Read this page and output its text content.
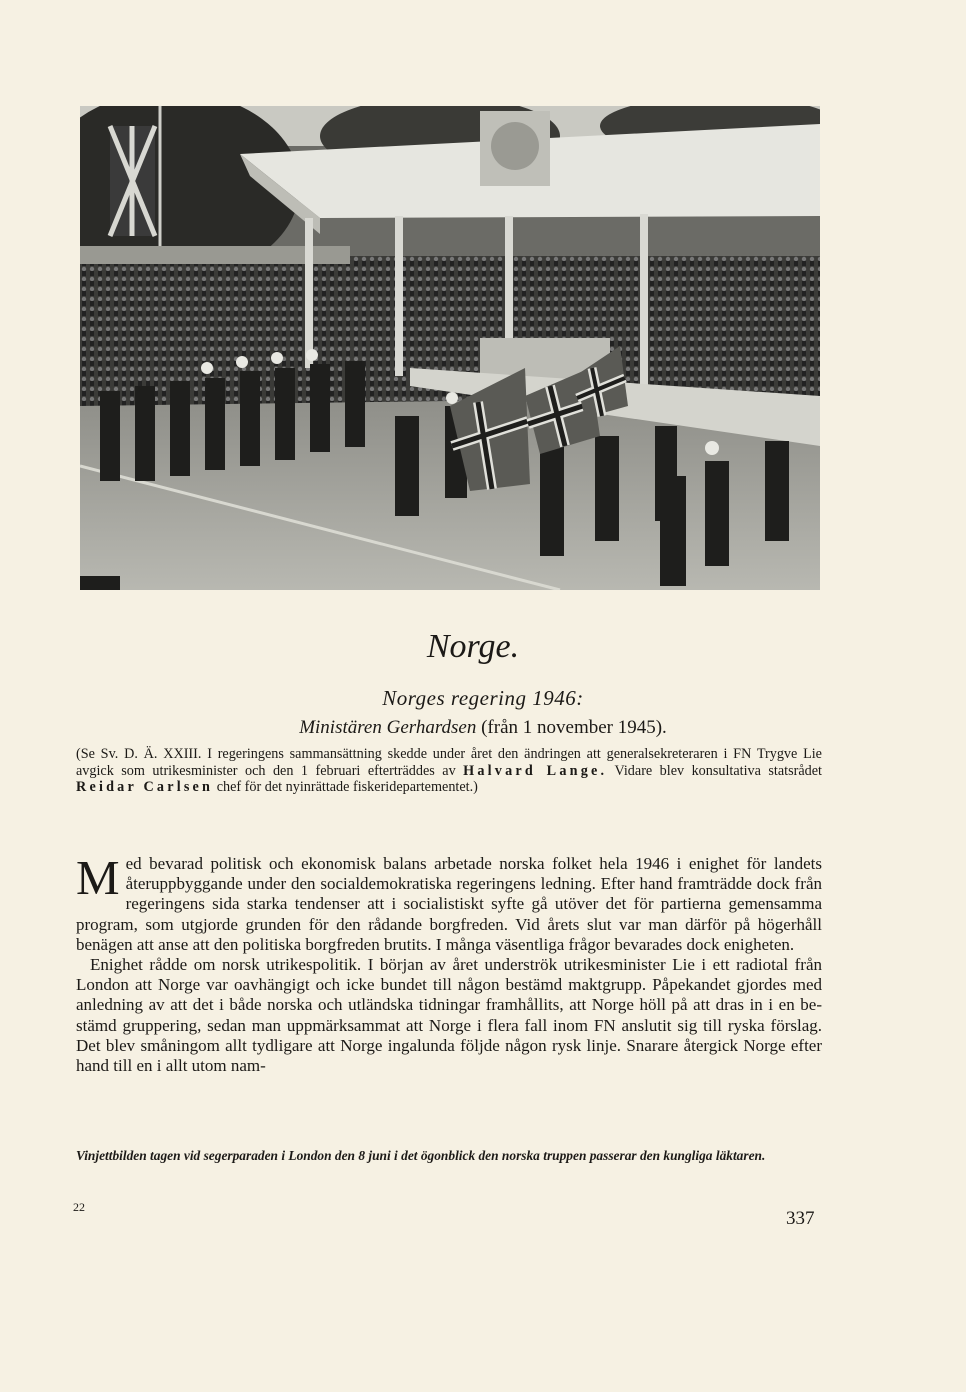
Norge.
Norges regering 1946:
Ministären Gerhardsen (från 1 november 1945).
(Se Sv. D. Ä. XXIII. I regeringens sammansättning skedde under året den ändringen att generalsekreteraren i FN Trygve Lie avgick som utrikesminister och den 1 februari efterträddes av Halvard Lange. Vidare blev konsultativa statsrådet Reidar Carlsen chef för det nyinrättade fiskeridepartementet.)

Med bevarad politisk och ekonomisk balans arbetade norska folket hela 1946 i enighet för landets återuppbyggande under den socialdemokratiska regeringens ledning. Efter hand framträdde dock från regeringens sida starka tendenser att i socialistiskt syfte gå utöver det för partierna gemensamma program, som utgjorde grunden för den rådande borgfreden. Vid årets slut var man därför på högerhåll benägen att anse att den politiska borgfreden brutits. I många väsentliga frågor bevarades dock enigheten.

Enighet rådde om norsk utrikespolitik. I början av året underströk utrikesminister Lie i ett radiotal från London att Norge var oavhängigt och icke bundet till någon bestämd maktgrupp. Påpekandet gjordes med anledning av att det i både norska och utländska tidningar framhållits, att Norge höll på att dras in i en bestämd gruppering, sedan man uppmärksammat att Norge i flera fall inom FN anslutit sig till ryska förslag. Det blev småningom allt tydligare att Norge ingalunda följde någon rysk linje. Snarare återgick Norge efter hand till en i allt utom nam-

Vinjettbilden tagen vid segerparaden i London den 8 juni i det ögonblick den norska truppen passerar den kungliga läktaren.
22
337
